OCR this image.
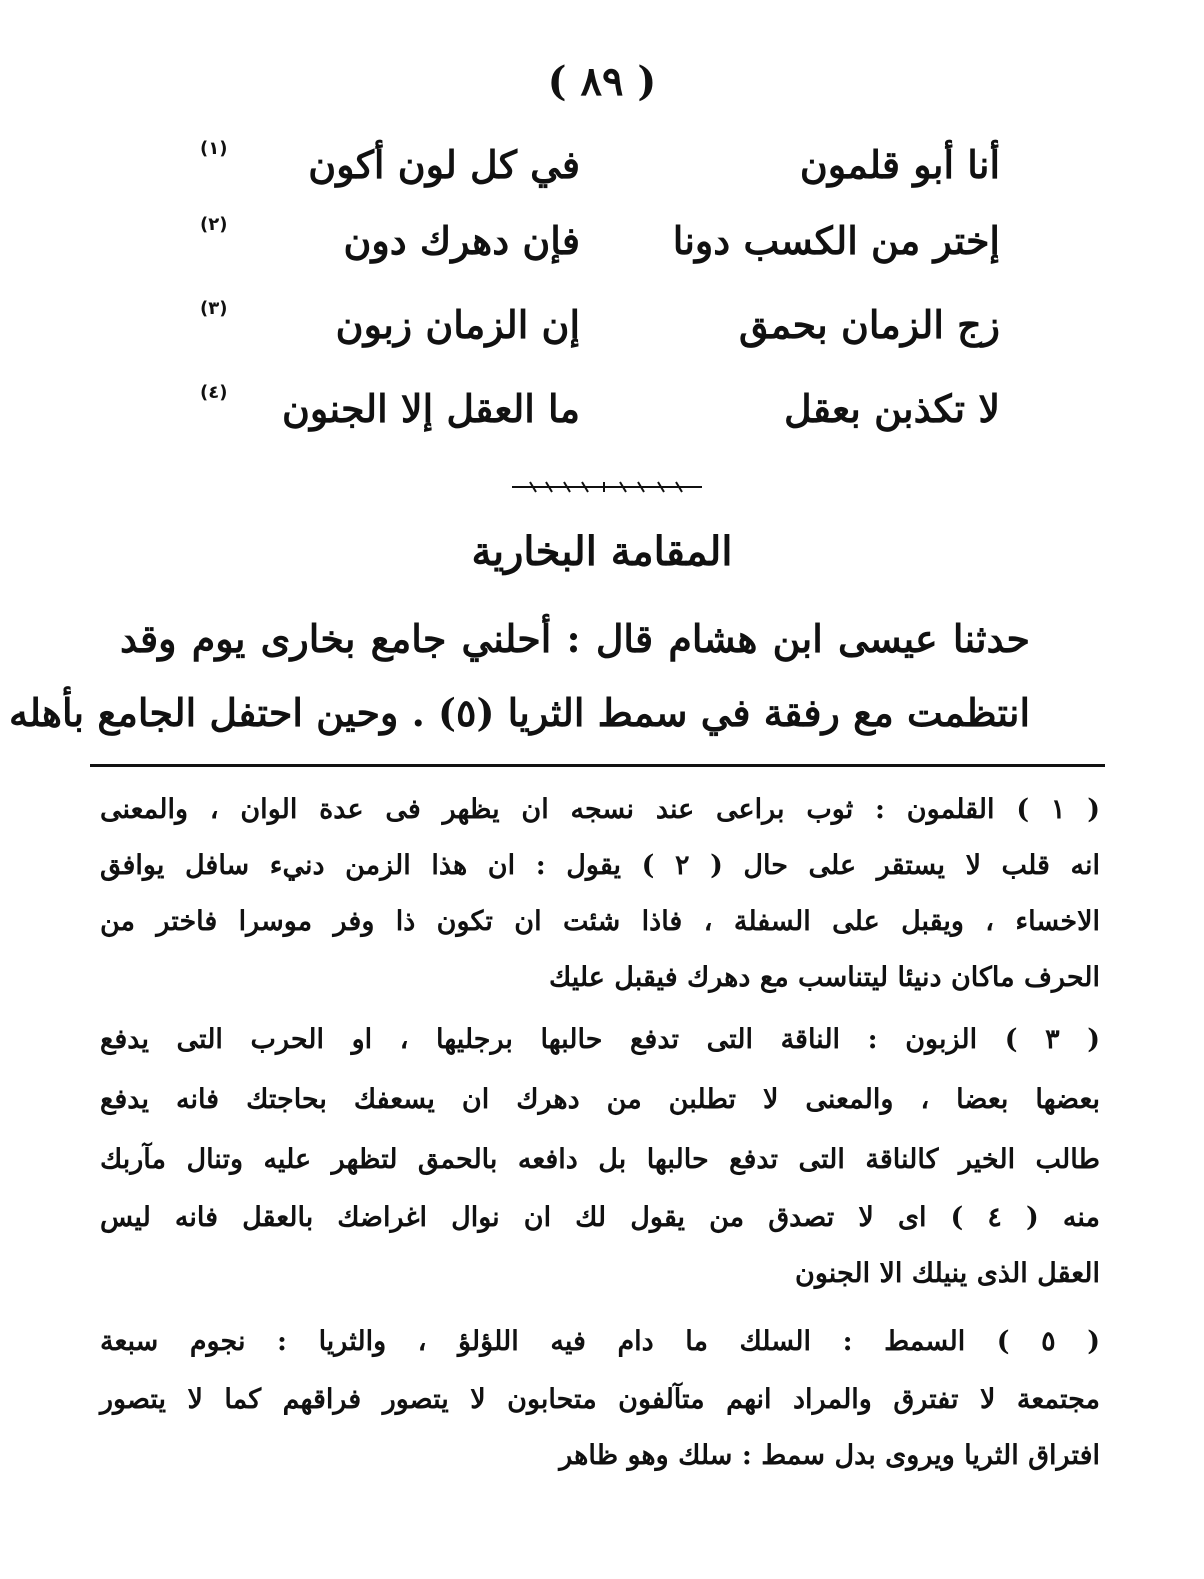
( ٨٩ )
أنا أبو قلمون
في كل لون أكون
(١)
إختر من الكسب دونا
فإن دهرك دون
(٢)
زج الزمان بحمق
إن الزمان زبون
(٣)
لا تكذبن بعقل
ما العقل إلا الجنون
(٤)
المقامة البخارية
حدثنا عيسى ابن هشام قال : أحلني جامع بخارى يوم وقد
انتظمت مع رفقة في سمط الثريا (٥) . وحين احتفل الجامع بأهله
( ١ ) القلمون : ثوب براعى عند نسجه ان يظهر فى عدة الوان ، والمعنى
انه قلب لا يستقر على حال ( ٢ ) يقول : ان هذا الزمن دنيء سافل يوافق
الاخساء ، ويقبل على السفلة ، فاذا شئت ان تكون ذا وفر موسرا فاختر من
الحرف ماكان دنيئا ليتناسب مع دهرك فيقبل عليك
( ٣ ) الزبون : الناقة التى تدفع حالبها برجليها ، او الحرب التى يدفع
بعضها بعضا ، والمعنى لا تطلبن من دهرك ان يسعفك بحاجتك فانه يدفع
طالب الخير كالناقة التى تدفع حالبها بل دافعه بالحمق لتظهر عليه وتنال مآربك
منه ( ٤ ) اى لا تصدق من يقول لك ان نوال اغراضك بالعقل فانه ليس
العقل الذى ينيلك الا الجنون
( ٥ ) السمط : السلك ما دام فيه اللؤلؤ ، والثريا : نجوم سبعة
مجتمعة لا تفترق والمراد انهم متآلفون متحابون لا يتصور فراقهم كما لا يتصور
افتراق الثريا ويروى بدل سمط : سلك وهو ظاهر
